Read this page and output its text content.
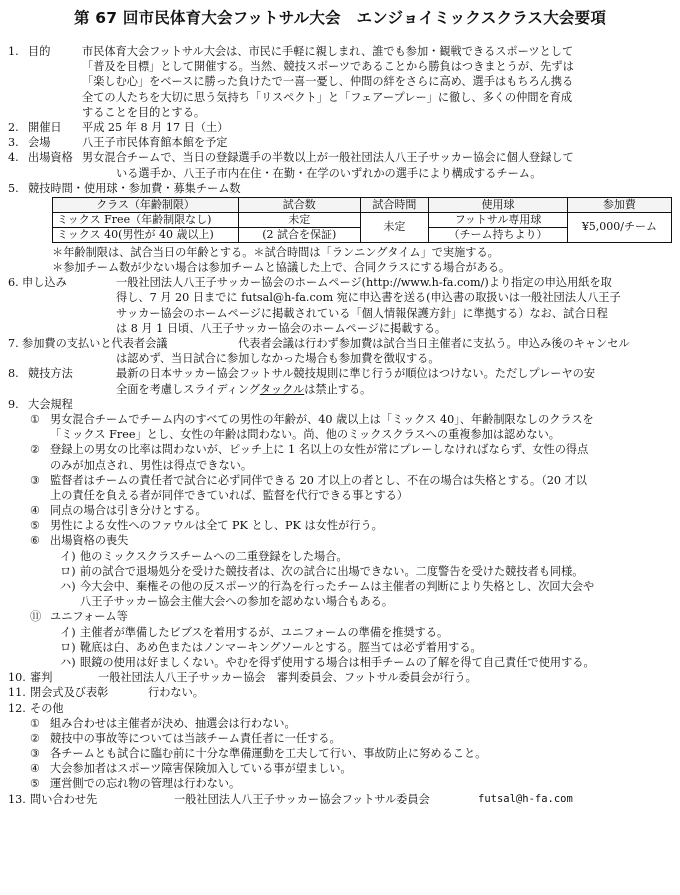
第 67 回市民体育大会フットサル大会　エンジョイミックスクラス大会要項
1. 目的	市民体育大会フットサル大会は、市民に手軽に親しまれ、誰でも参加・観戦できるスポーツとして
「普及を目標」として開催する。当然、競技スポーツであることから勝負はつきまとうが、先ずは
「楽しむ心」をベースに勝った負けたで一喜一憂し、仲間の絆をさらに高め、選手はもちろん携る
全ての人たちを大切に思う気持ち「リスペクト」と「フェアープレー」に徹し、多くの仲間を育成
することを目的とする。
2. 開催日 平成 25 年 8 月 17 日（土）
3. 会場	八王子市民体育館本館を予定
4. 出場資格 男女混合チームで、当日の登録選手の半数以上が一般社団法人八王子サッカー協会に個人登録して
いる選手か、八王子市内在住・在勤・在学のいずれかの選手により構成するチーム。
5. 競技時間・使用球・参加費・募集チーム数
クラス（年齢制限）	試合数	試合時間	使用球	参加費
ミックス Free（年齢制限なし)	未定	未定	フットサル専用球	¥5,000/チーム
ミックス 40(男性が 40 歳以上)	(2 試合を保証)		（チーム持ちより）	
＊年齢制限は、試合当日の年齢とする。＊試合時間は「ランニングタイム」で実施する。
＊参加チーム数が少ない場合は参加チームと協議した上で、合同クラスにする場合がある。
6. 申し込み	一般社団法人八王子サッカー協会のホームページ(http://www.h-fa.com/)より指定の申込用紙を取
得し、7 月 20 日までに futsal@h-fa.com 宛に申込書を送る(申込書の取扱いは一般社団法人八王子
サッカー協会のホームページに掲載されている「個人情報保護方針」に準拠する）なお、試合日程
は 8 月 1 日頃、八王子サッカー協会のホームページに掲載する。
7. 参加費の支払いと代表者会議	代表者会議は行わず参加費は試合当日主催者に支払う。申込み後のキャンセル
は認めず、当日試合に参加しなかった場合も参加費を徴収する。
8. 競技方法	最新の日本サッカー協会フットサル競技規則に準じ行うが順位はつけない。ただしプレーヤの安
全面を考慮しスライディングタックルは禁止する。
9. 大会規程
① 男女混合チームでチーム内のすべての男性の年齢が、40 歳以上は「ミックス 40」、年齢制限なしのクラスを
「ミックス Free」とし、女性の年齢は問わない。尚、他のミックスクラスへの重複参加は認めない。
② 登録上の男女の比率は問わないが、ピッチ上に 1 名以上の女性が常にプレーしなければならず、女性の得点
のみが加点され、男性は得点できない。
③ 監督者はチームの責任者で試合に必ず同伴できる 20 才以上の者とし、不在の場合は失格とする。（20 才以
上の責任を負える者が同伴できていれば、監督を代行できる事とする）
④ 同点の場合は引き分けとする。
⑤ 男性による女性へのファウルは全て PK とし、PK は女性が行う。
⑥ 出場資格の喪失
イ) 他のミックスクラスチームへの二重登録をした場合。
ロ) 前の試合で退場処分を受けた競技者は、次の試合に出場できない。二度警告を受けた競技者も同様。
ハ) 今大会中、棄権その他の反スポーツ的行為を行ったチームは主催者の判断により失格とし、次回大会や
八王子サッカー協会主催大会への参加を認めない場合もある。
⑪ ユニフォーム等
イ) 主催者が準備したビブスを着用するが、ユニフォームの準備を推奨する。
ロ) 靴底は白、あめ色またはノンマーキングソールとする。脛当ては必ず着用する。
ハ) 眼鏡の使用は好ましくない。やむを得ず使用する場合は相手チームの了解を得て自己責任で使用する。
10. 審判	一般社団法人八王子サッカー協会　審判委員会、フットサル委員会が行う。
11. 閉会式及び表彰	行わない。
12. その他
① 組み合わせは主催者が決め、抽選会は行わない。
② 競技中の事故等については当該チーム責任者に一任する。
③ 各チームとも試合に臨む前に十分な準備運動を工夫して行い、事故防止に努めること。
④ 大会参加者はスポーツ障害保険加入している事が望ましい。
⑤ 運営側での忘れ物の管理は行わない。
13. 問い合わせ先	一般社団法人八王子サッカー協会フットサル委員会	futsal@h-fa.com
